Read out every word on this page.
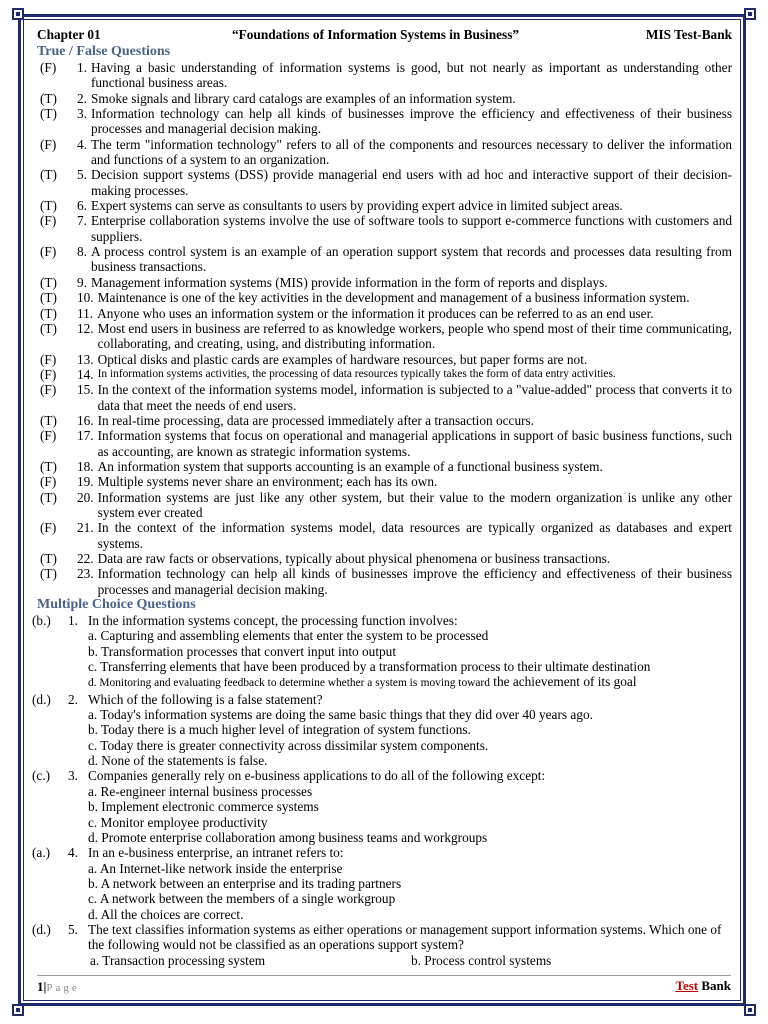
Chapter 01	“Foundations of Information Systems in Business”	MIS Test-Bank
True / False Questions
(F)	1. Having a basic understanding of information systems is good, but not nearly as important as understanding other functional business areas.
(T)	2. Smoke signals and library card catalogs are examples of an information system.
(T)	3. Information technology can help all kinds of businesses improve the efficiency and effectiveness of their business processes and managerial decision making.
(F)	4. The term "information technology" refers to all of the components and resources necessary to deliver the information and functions of a system to an organization.
(T)	5. Decision support systems (DSS) provide managerial end users with ad hoc and interactive support of their decision-making processes.
(T)	6. Expert systems can serve as consultants to users by providing expert advice in limited subject areas.
(F)	7. Enterprise collaboration systems involve the use of software tools to support e-commerce functions with customers and suppliers.
(F)	8. A process control system is an example of an operation support system that records and processes data resulting from business transactions.
(T)	9. Management information systems (MIS) provide information in the form of reports and displays.
(T)	10. Maintenance is one of the key activities in the development and management of a business information system.
(T)	11. Anyone who uses an information system or the information it produces can be referred to as an end user.
(T)	12. Most end users in business are referred to as knowledge workers, people who spend most of their time communicating, collaborating, and creating, using, and distributing information.
(F)	13. Optical disks and plastic cards are examples of hardware resources, but paper forms are not.
(F)	14. In information systems activities, the processing of data resources typically takes the form of data entry activities.
(F)	15. In the context of the information systems model, information is subjected to a "value-added" process that converts it to data that meet the needs of end users.
(T)	16. In real-time processing, data are processed immediately after a transaction occurs.
(F)	17. Information systems that focus on operational and managerial applications in support of basic business functions, such as accounting, are known as strategic information systems.
(T)	18. An information system that supports accounting is an example of a functional business system.
(F)	19. Multiple systems never share an environment; each has its own.
(T)	20. Information systems are just like any other system, but their value to the modern organization is unlike any other system ever created
(F)	21. In the context of the information systems model, data resources are typically organized as databases and expert systems.
(T)	22. Data are raw facts or observations, typically about physical phenomena or business transactions.
(T)	23. Information technology can help all kinds of businesses improve the efficiency and effectiveness of their business processes and managerial decision making.
Multiple Choice Questions
(b.)	1. In the information systems concept, the processing function involves:
a. Capturing and assembling elements that enter the system to be processed
b. Transformation processes that convert input into output
c. Transferring elements that have been produced by a transformation process to their ultimate destination
d. Monitoring and evaluating feedback to determine whether a system is moving toward the achievement of its goal
(d.)	2. Which of the following is a false statement?
a. Today's information systems are doing the same basic things that they did over 40 years ago.
b. Today there is a much higher level of integration of system functions.
c. Today there is greater connectivity across dissimilar system components.
d. None of the statements is false.
(c.)	3. Companies generally rely on e-business applications to do all of the following except:
a. Re-engineer internal business processes
b. Implement electronic commerce systems
c. Monitor employee productivity
d. Promote enterprise collaboration among business teams and workgroups
(a.)	4. In an e-business enterprise, an intranet refers to:
a. An Internet-like network inside the enterprise
b. A network between an enterprise and its trading partners
c. A network between the members of a single workgroup
d. All the choices are correct.
(d.)	5. The text classifies information systems as either operations or management support information systems. Which one of the following would not be classified as an operations support system?
a. Transaction processing system	b. Process control systems
1|Page	Test Bank
